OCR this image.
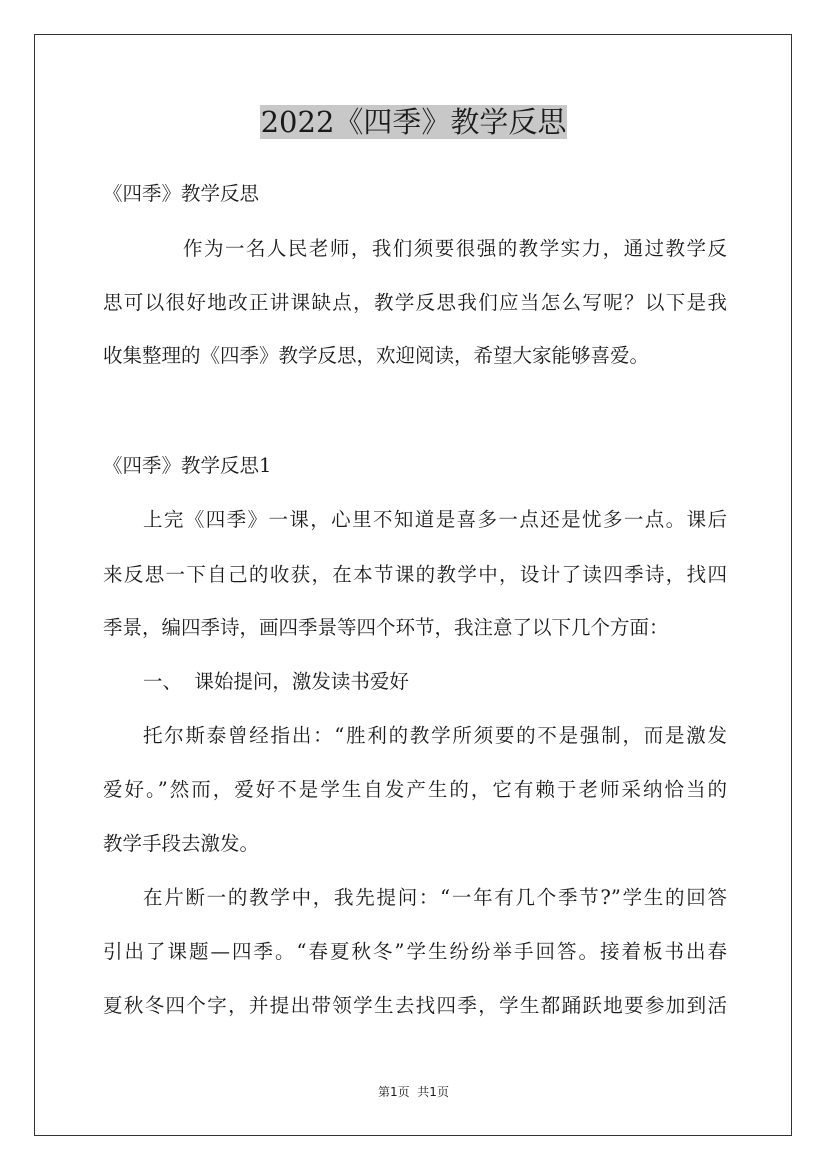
2022《四季》教学反思
《四季》教学反思
作为一名人民老师，我们须要很强的教学实力，通过教学反
思可以很好地改正讲课缺点，教学反思我们应当怎么写呢？以下是我
收集整理的《四季》教学反思，欢迎阅读，希望大家能够喜爱。
《四季》教学反思1
上完《四季》一课，心里不知道是喜多一点还是忧多一点。课后
来反思一下自己的收获，在本节课的教学中，设计了读四季诗，找四
季景，编四季诗，画四季景等四个环节，我注意了以下几个方面：
一、  课始提问，激发读书爱好
托尔斯泰曾经指出：“胜利的教学所须要的不是强制，而是激发
爱好。”然而，爱好不是学生自发产生的，它有赖于老师采纳恰当的
教学手段去激发。
在片断一的教学中，我先提问：“一年有几个季节?”学生的回答
引出了课题—四季。“春夏秋冬”学生纷纷举手回答。接着板书出春
夏秋冬四个字，并提出带领学生去找四季，学生都踊跃地要参加到活
第1页  共1页
